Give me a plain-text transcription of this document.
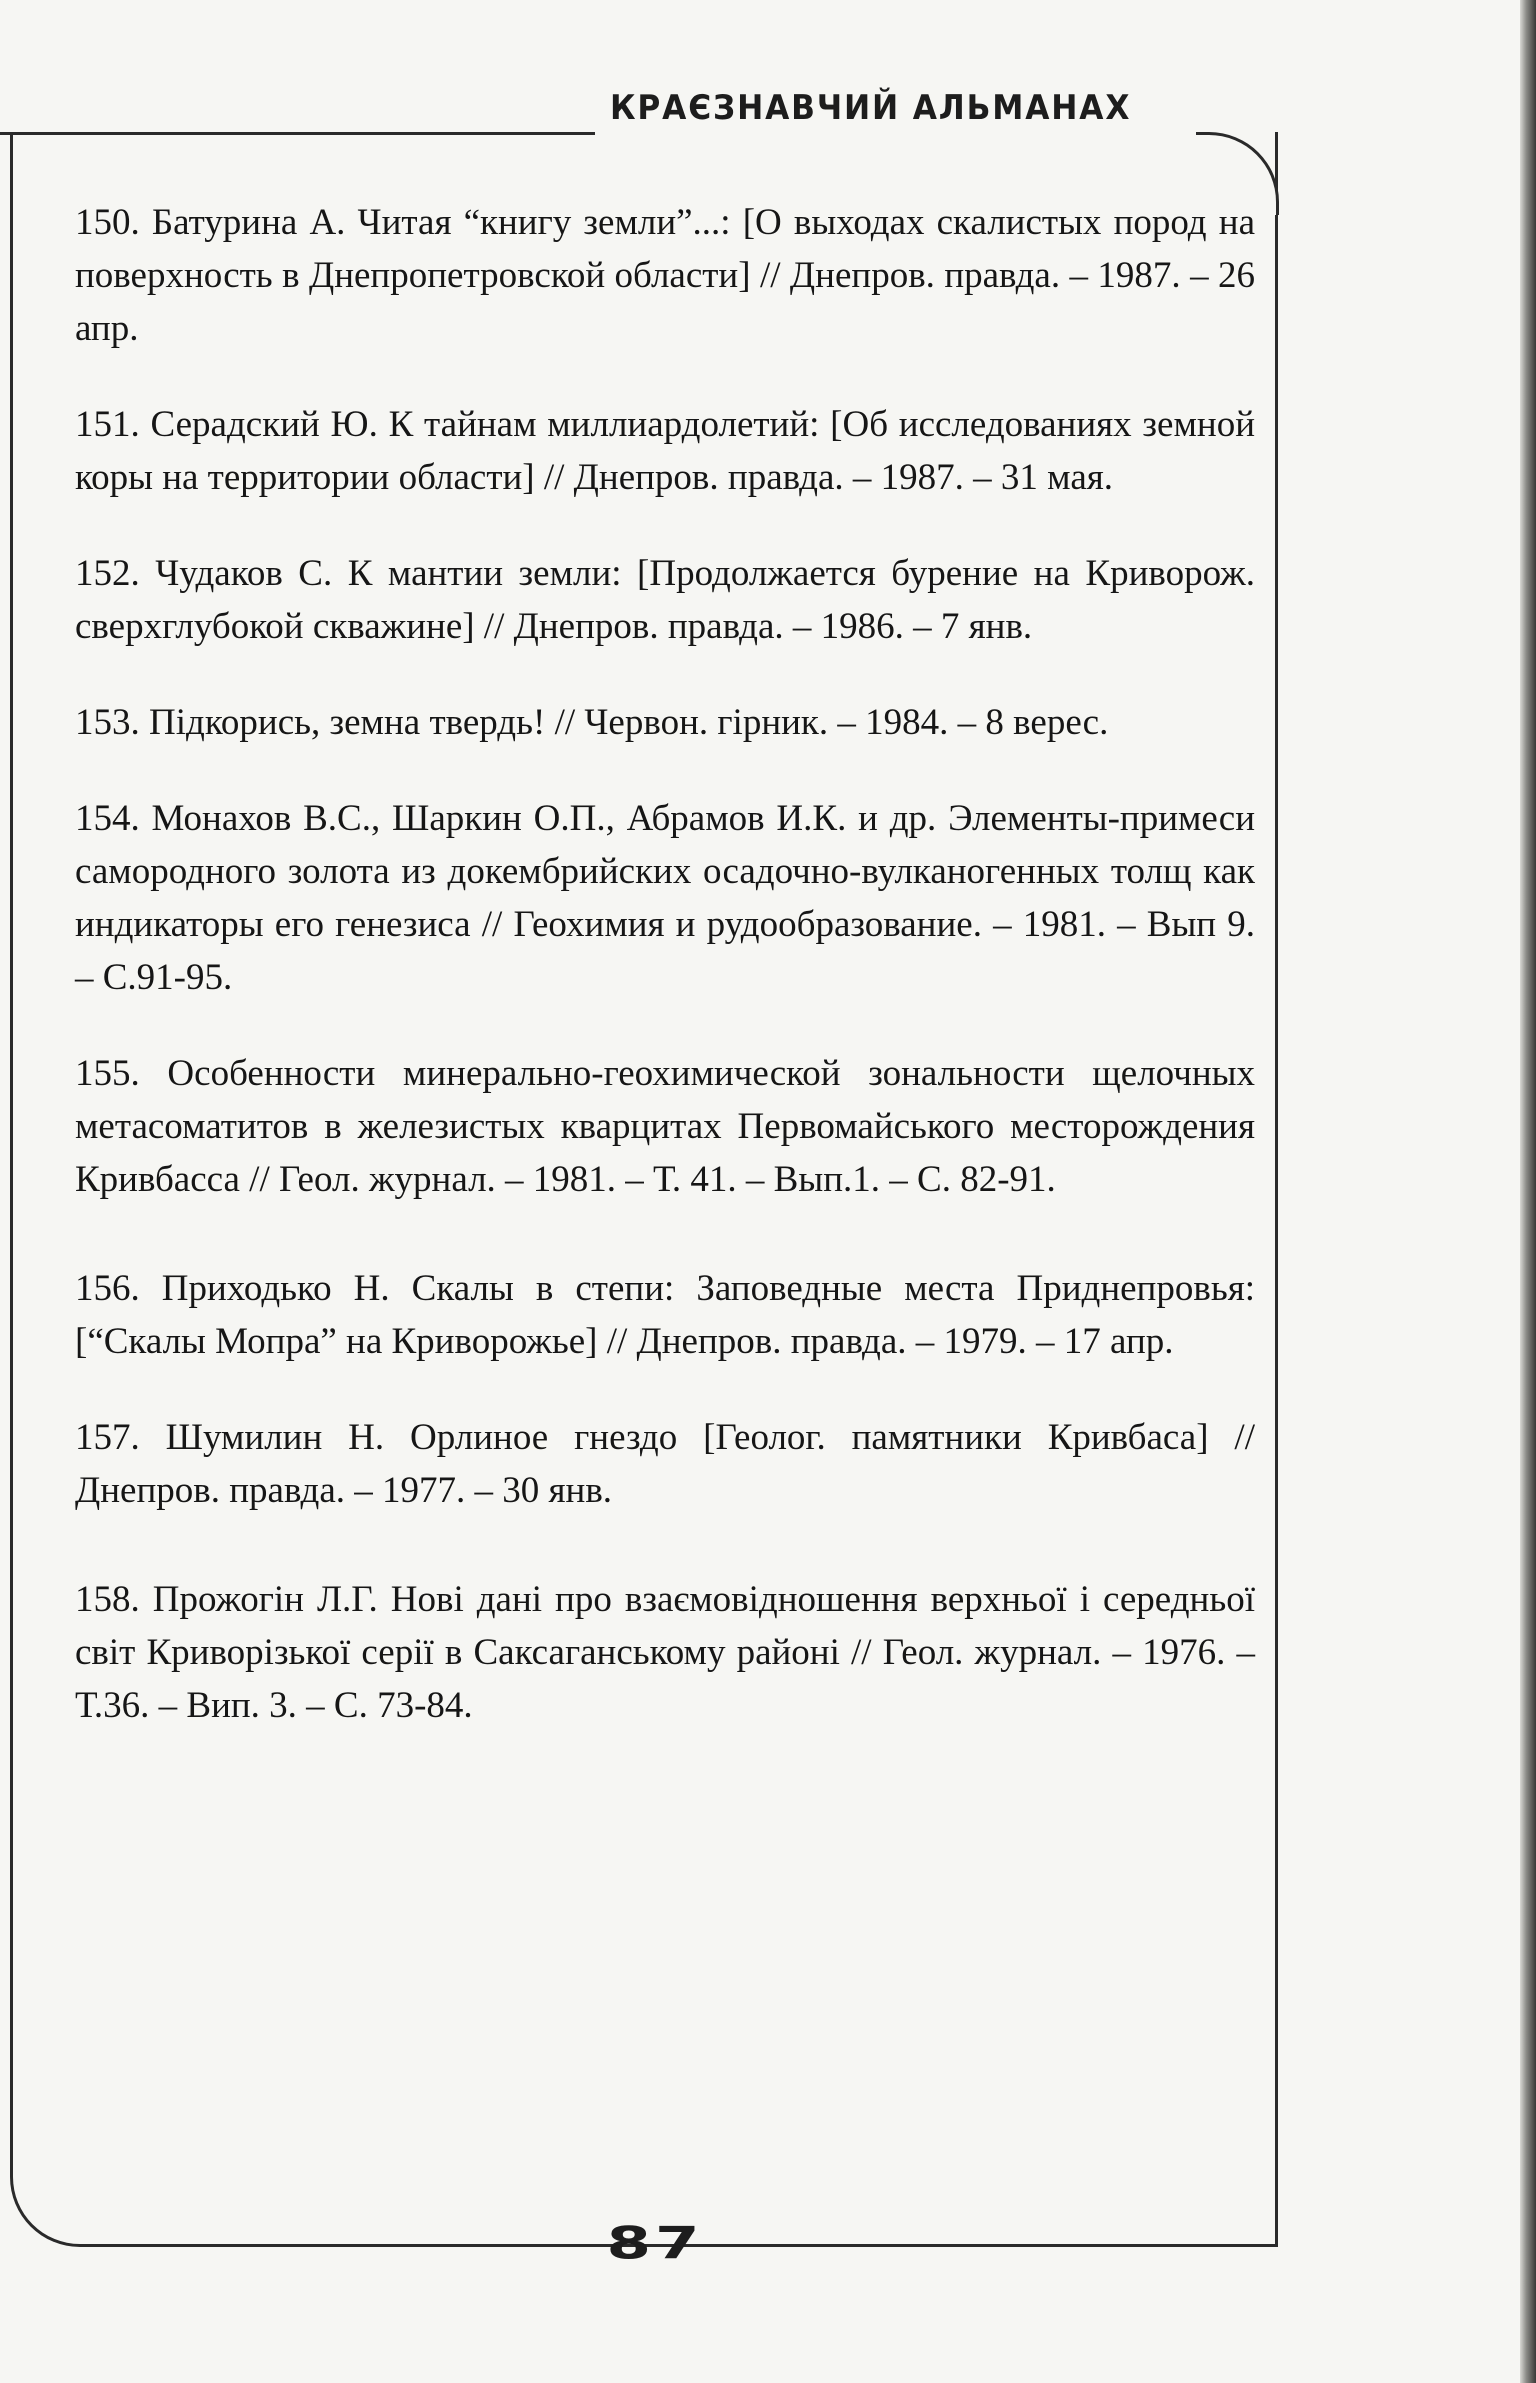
КРАЄЗНАВЧИЙ АЛЬМАНАХ

150. Батурина А. Читая “книгу земли”...: [О выходах скалистых пород на поверхность в Днепропетровской области] // Днепров. правда. – 1987. – 26 апр.

151. Серадский Ю. К тайнам миллиардолетий: [Об исследованиях земной коры на территории области] // Днепров. правда. – 1987. – 31 мая.

152. Чудаков С. К мантии земли: [Продолжается бурение на Криворож. сверхглубокой скважине] // Днепров. правда. – 1986. – 7 янв.

153. Підкорись, земна твердь! // Червон. гірник. – 1984. – 8 верес.

154. Монахов В.С., Шаркин О.П., Абрамов И.К. и др. Элементы-примеси самородного золота из докембрийских осадочно-вулканогенных толщ как индикаторы его генезиса // Геохимия и рудообразование. – 1981. – Вып 9. – С.91-95.

155. Особенности минерально-геохимической зональности щелочных метасоматитов в железистых кварцитах Первомайського месторождения Кривбасса // Геол. журнал. – 1981. – Т. 41. – Вып.1. – С. 82-91.

156. Приходько Н. Скалы в степи: Заповедные места Приднепровья: [“Скалы Мопра” на Криворожье] // Днепров. правда. – 1979. – 17 апр.

157. Шумилин Н. Орлиное гнездо [Геолог. памятники Кривбаса] // Днепров. правда. – 1977. – 30 янв.

158. Прожогін Л.Г. Нові дані про взаємовідношення верхньої і середньої світ Криворізької серії в Саксаганському районі // Геол. журнал. – 1976. – Т.36. – Вип. 3. – С. 73-84.

87
